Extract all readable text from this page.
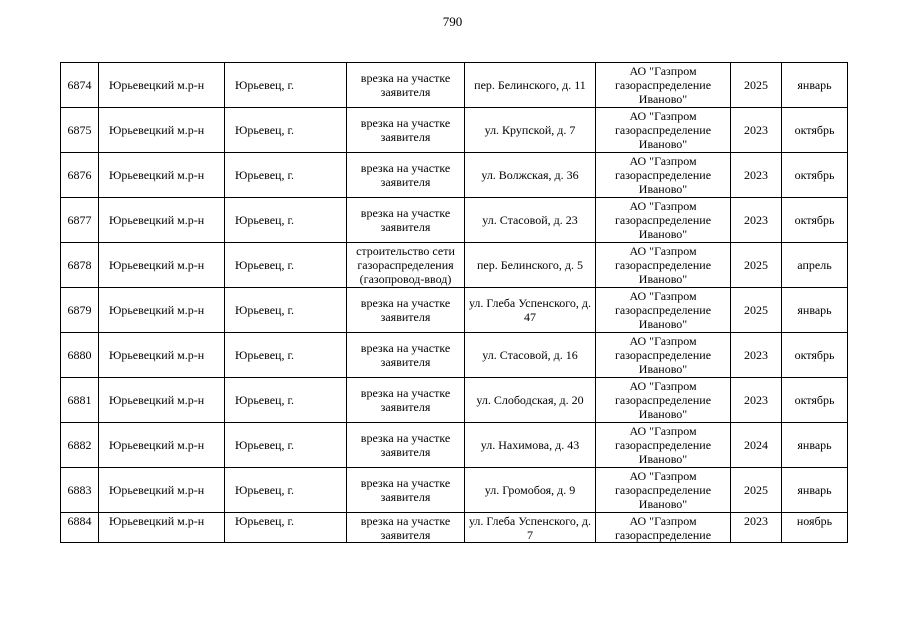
790
6874	Юрьевецкий м.р-н	Юрьевец, г.	врезка на участке заявителя	пер. Белинского, д. 11	АО "Газпром газораспределение Иваново"	2025	январь
6875	Юрьевецкий м.р-н	Юрьевец, г.	врезка на участке заявителя	ул. Крупской, д. 7	АО "Газпром газораспределение Иваново"	2023	октябрь
6876	Юрьевецкий м.р-н	Юрьевец, г.	врезка на участке заявителя	ул. Волжская, д. 36	АО "Газпром газораспределение Иваново"	2023	октябрь
6877	Юрьевецкий м.р-н	Юрьевец, г.	врезка на участке заявителя	ул. Стасовой, д. 23	АО "Газпром газораспределение Иваново"	2023	октябрь
6878	Юрьевецкий м.р-н	Юрьевец, г.	строительство сети газораспределения (газопровод-ввод)	пер. Белинского, д. 5	АО "Газпром газораспределение Иваново"	2025	апрель
6879	Юрьевецкий м.р-н	Юрьевец, г.	врезка на участке заявителя	ул. Глеба Успенского, д. 47	АО "Газпром газораспределение Иваново"	2025	январь
6880	Юрьевецкий м.р-н	Юрьевец, г.	врезка на участке заявителя	ул. Стасовой, д. 16	АО "Газпром газораспределение Иваново"	2023	октябрь
6881	Юрьевецкий м.р-н	Юрьевец, г.	врезка на участке заявителя	ул. Слободская, д. 20	АО "Газпром газораспределение Иваново"	2023	октябрь
6882	Юрьевецкий м.р-н	Юрьевец, г.	врезка на участке заявителя	ул. Нахимова, д. 43	АО "Газпром газораспределение Иваново"	2024	январь
6883	Юрьевецкий м.р-н	Юрьевец, г.	врезка на участке заявителя	ул. Громобоя, д. 9	АО "Газпром газораспределение Иваново"	2025	январь
6884	Юрьевецкий м.р-н	Юрьевец, г.	врезка на участке заявителя	ул. Глеба Успенского, д. 7	АО "Газпром газораспределение	2023	ноябрь
